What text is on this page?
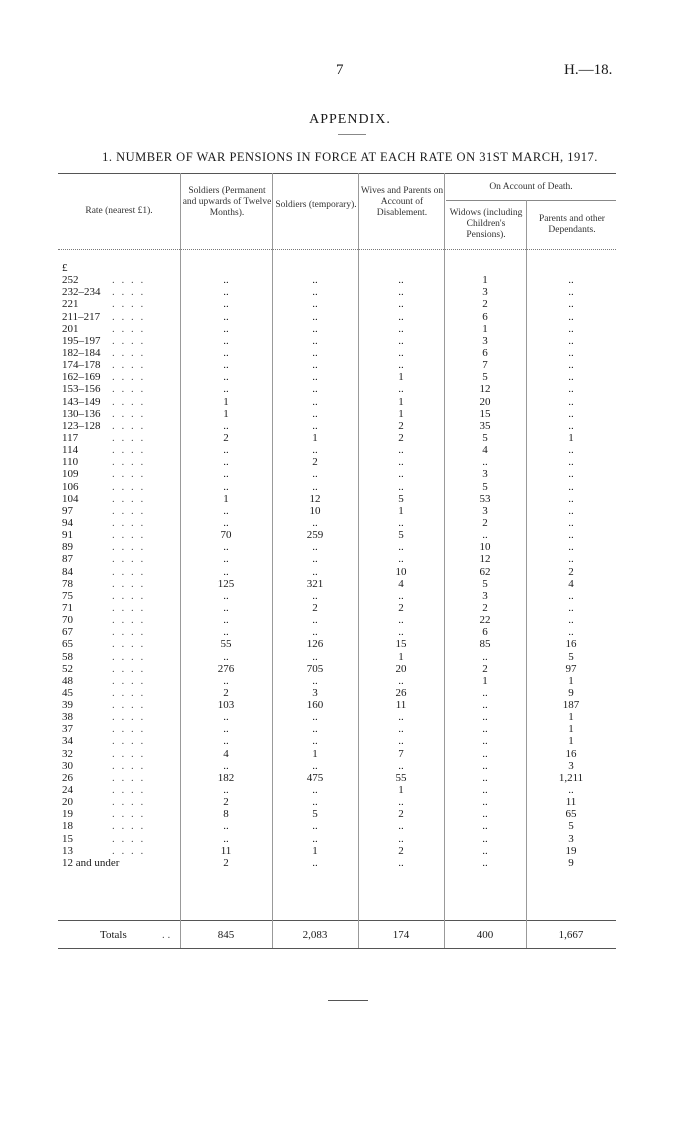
7	H.—18.
APPENDIX.
1. NUMBER OF WAR PENSIONS IN FORCE AT EACH RATE ON 31ST MARCH, 1917.
Rate (nearest £1).
Soldiers (Permanent and upwards of Twelve Months).
Soldiers (temporary).
Wives and Parents on Account of Disablement.
On Account of Death.
Widows (including Children's Pensions).
Parents and other Dependants.
£
252	. . . .	..	..	..	1	..
232–234	. . . .	..	..	..	3	..
221	. . . .	..	..	..	2	..
211–217	. . . .	..	..	..	6	..
201	. . . .	..	..	..	1	..
195–197	. . . .	..	..	..	3	..
182–184	. . . .	..	..	..	6	..
174–178	. . . .	..	..	..	7	..
162–169	. . . .	..	..	1	5	..
153–156	. . . .	..	..	..	12	..
143–149	. . . .	1	..	1	20	..
130–136	. . . .	1	..	1	15	..
123–128	. . . .	..	..	2	35	..
117	. . . .	2	1	2	5	1
114	. . . .	..	..	..	4	..
110	. . . .	..	2	..	..	..
109	. . . .	..	..	..	3	..
106	. . . .	..	..	..	5	..
104	. . . .	1	12	5	53	..
97	. . . .	..	10	1	3	..
94	. . . .	..	..	..	2	..
91	. . . .	70	259	5	..	..
89	. . . .	..	..	..	10	..
87	. . . .	..	..	..	12	..
84	. . . .	..	..	10	62	2
78	. . . .	125	321	4	5	4
75	. . . .	..	..	..	3	..
71	. . . .	..	2	2	2	..
70	. . . .	..	..	..	22	..
67	. . . .	..	..	..	6	..
65	. . . .	55	126	15	85	16
58	. . . .	..	..	1	..	5
52	. . . .	276	705	20	2	97
48	. . . .	..	..	..	1	1
45	. . . .	2	3	26	..	9
39	. . . .	103	160	11	..	187
38	. . . .	..	..	..	..	1
37	. . . .	..	..	..	..	1
34	. . . .	..	..	..	..	1
32	. . . .	4	1	7	..	16
30	. . . .	..	..	..	..	3
26	. . . .	182	475	55	..	1,211
24	. . . .	..	..	1	..	..
20	. . . .	2	..	..	..	11
19	. . . .	8	5	2	..	65
18	. . . .	..	..	..	..	5
15	. . . .	..	..	..	..	3
13	. . . .	11	1	2	..	19
12 and under	2	..	..	..	9
Totals	. .	845	2,083	174	400	1,667
